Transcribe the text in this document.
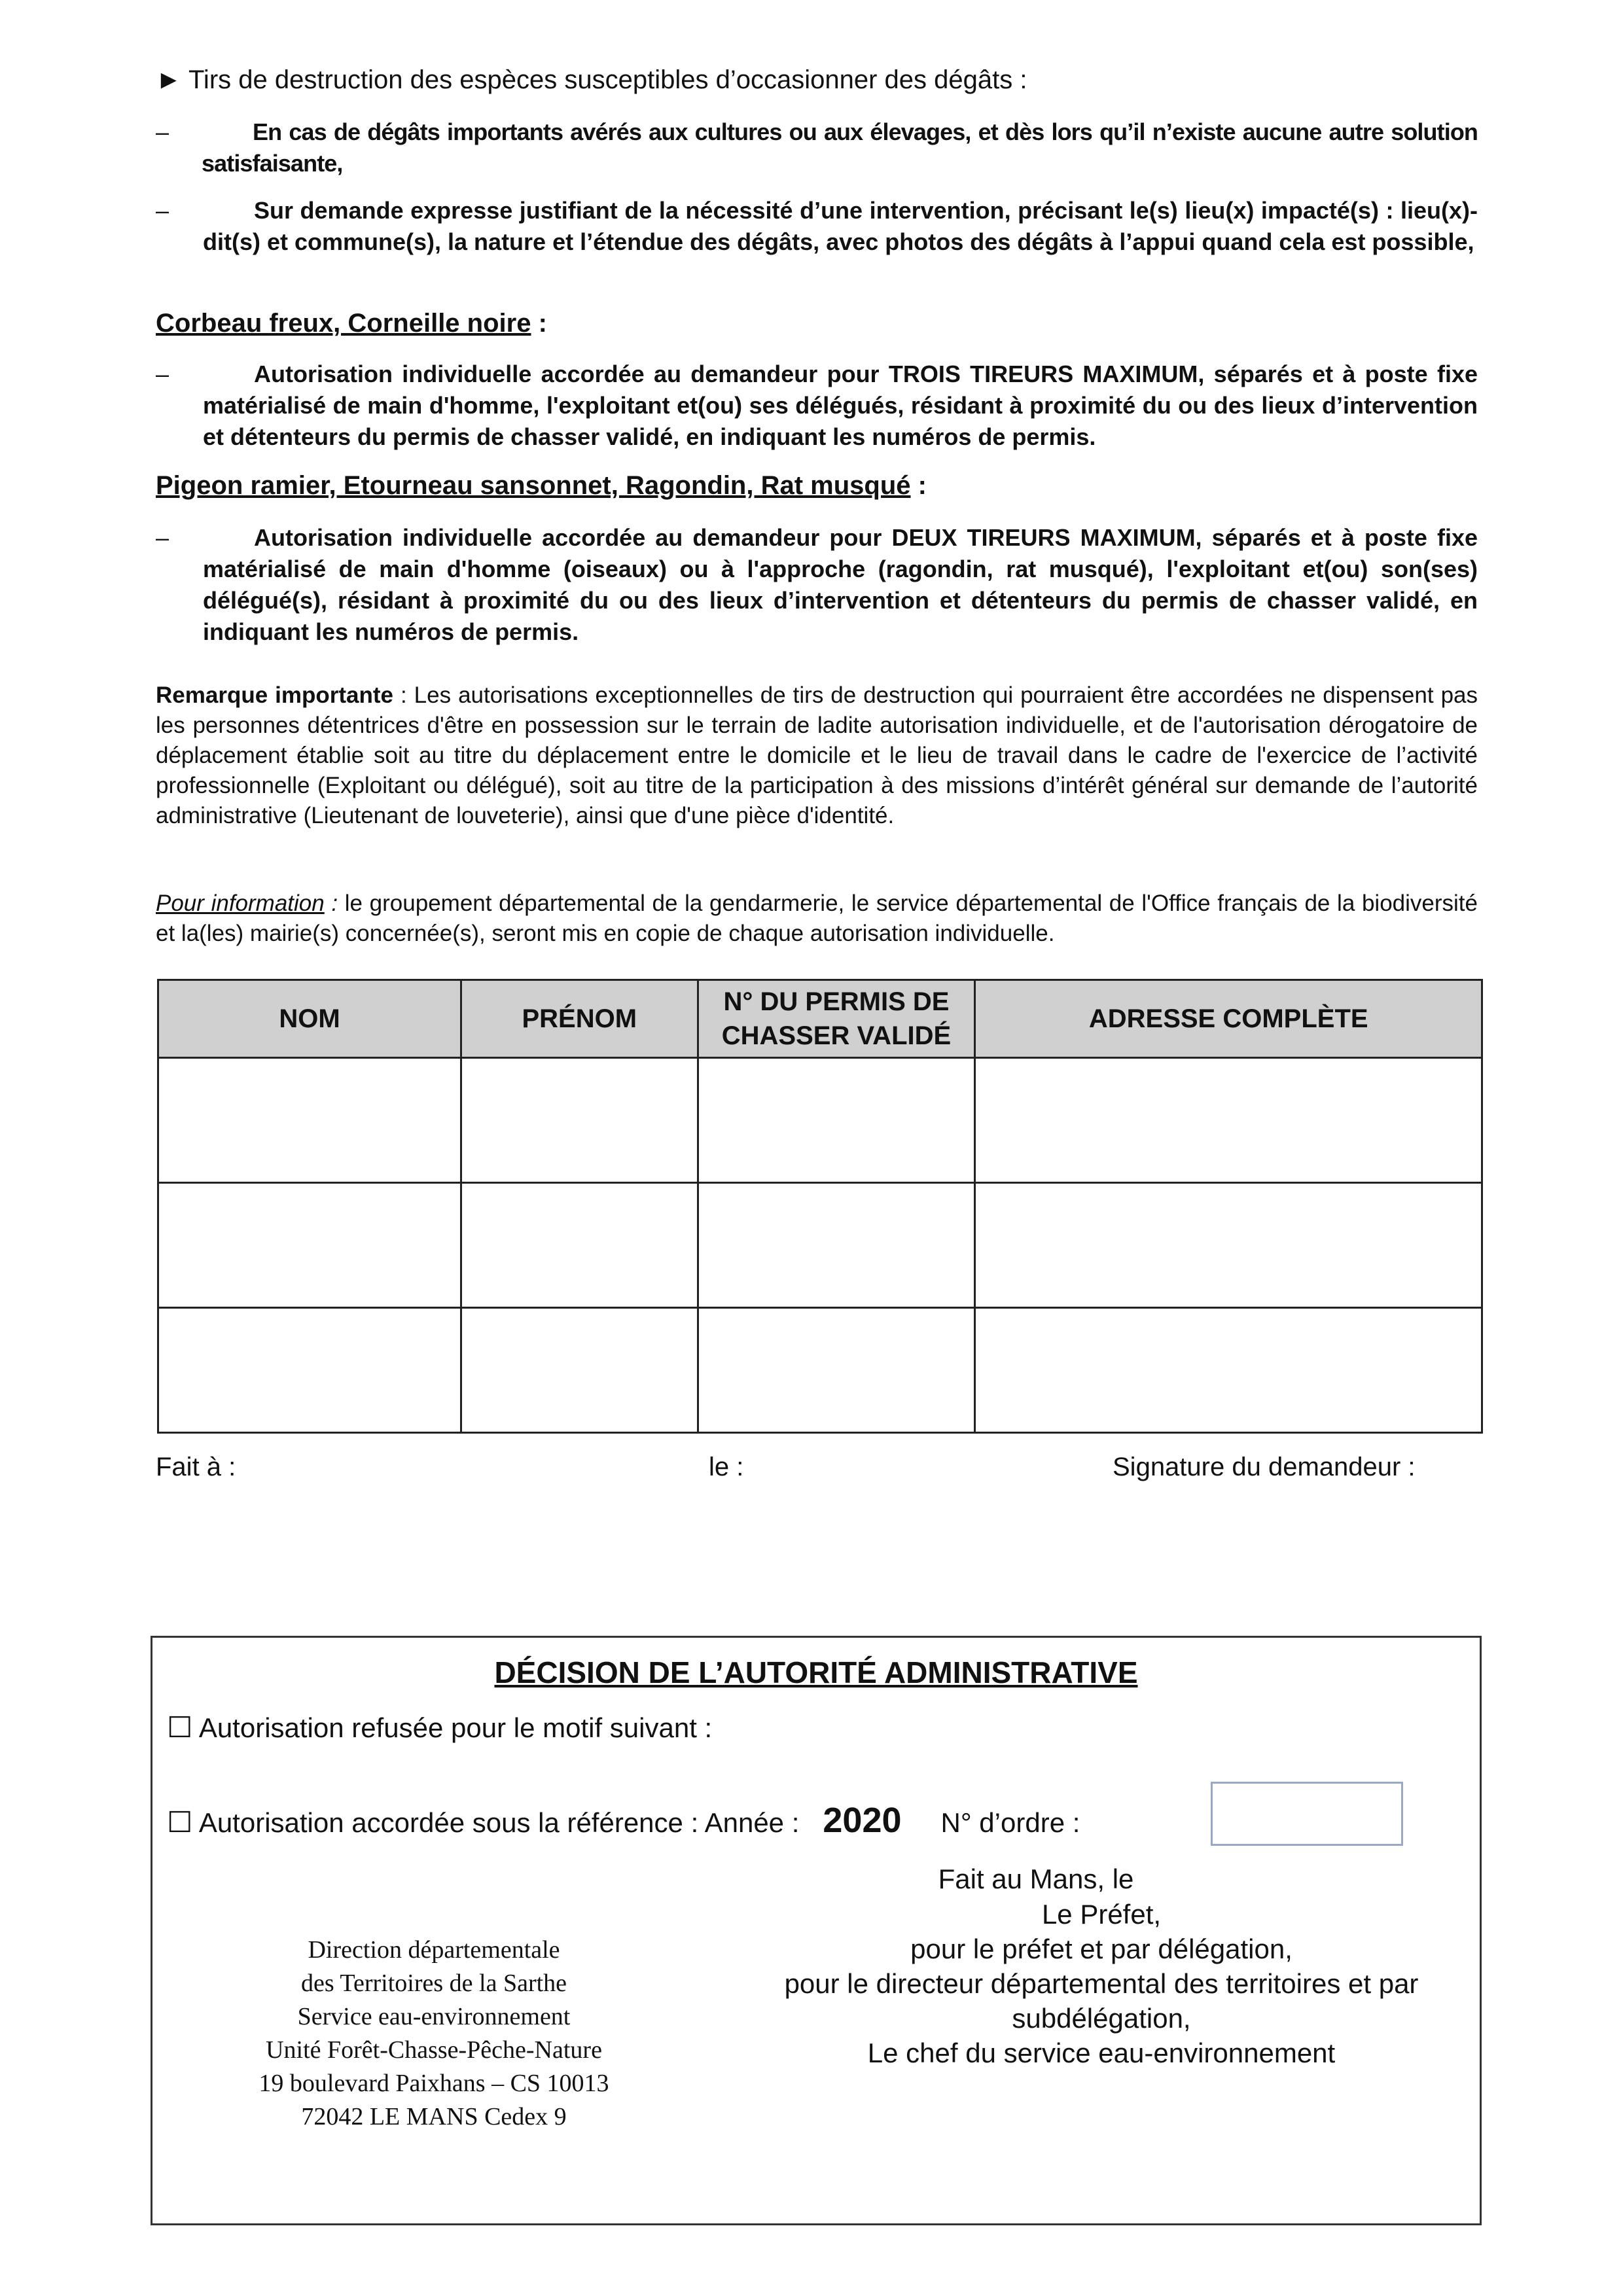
► Tirs de destruction des espèces susceptibles d’occasionner des dégâts :
–	En cas de dégâts importants avérés aux cultures ou aux élevages, et dès lors qu’il n’existe aucune autre solution satisfaisante,
–	Sur demande expresse justifiant de la nécessité d’une intervention, précisant le(s) lieu(x) impacté(s) : lieu(x)-dit(s) et commune(s), la nature et l’étendue des dégâts, avec photos des dégâts à l’appui quand cela est possible,
Corbeau freux, Corneille noire :
–	Autorisation individuelle accordée au demandeur pour TROIS TIREURS MAXIMUM, séparés et à poste fixe matérialisé de main d'homme, l'exploitant et(ou) ses délégués, résidant à proximité du ou des lieux d’intervention et détenteurs du permis de chasser validé, en indiquant les numéros de permis.
Pigeon ramier, Etourneau sansonnet, Ragondin, Rat musqué :
–	Autorisation individuelle accordée au demandeur pour DEUX TIREURS MAXIMUM, séparés et à poste fixe matérialisé de main d'homme (oiseaux) ou à l'approche (ragondin, rat musqué), l'exploitant et(ou) son(ses) délégué(s), résidant à proximité du ou des lieux d’intervention et détenteurs du permis de chasser validé, en indiquant les numéros de permis.
Remarque importante : Les autorisations exceptionnelles de tirs de destruction qui pourraient être accordées ne dispensent pas les personnes détentrices d'être en possession sur le terrain de ladite autorisation individuelle, et de l'autorisation dérogatoire de déplacement établie soit au titre du déplacement entre le domicile et le lieu de travail dans le cadre de l'exercice de l’activité professionnelle (Exploitant ou délégué), soit au titre de la participation à des missions d’intérêt général sur demande de l’autorité administrative (Lieutenant de louveterie), ainsi que d'une pièce d'identité.
Pour information : le groupement départemental de la gendarmerie, le service départemental de l'Office français de la biodiversité et la(les) mairie(s) concernée(s), seront mis en copie de chaque autorisation individuelle.
NOM	PRÉNOM	N° DU PERMIS DE CHASSER VALIDÉ	ADRESSE COMPLÈTE

Fait à :	le :	Signature du demandeur :
DÉCISION DE L’AUTORITÉ ADMINISTRATIVE
☐ Autorisation refusée pour le motif suivant :
☐ Autorisation accordée sous la référence : Année : 2020 N° d’ordre :
Fait au Mans, le
Le Préfet,
pour le préfet et par délégation,
pour le directeur départemental des territoires et par
subdélégation,
Le chef du service eau-environnement
Direction départementale
des Territoires de la Sarthe
Service eau-environnement
Unité Forêt-Chasse-Pêche-Nature
19 boulevard Paixhans – CS 10013
72042 LE MANS Cedex 9
